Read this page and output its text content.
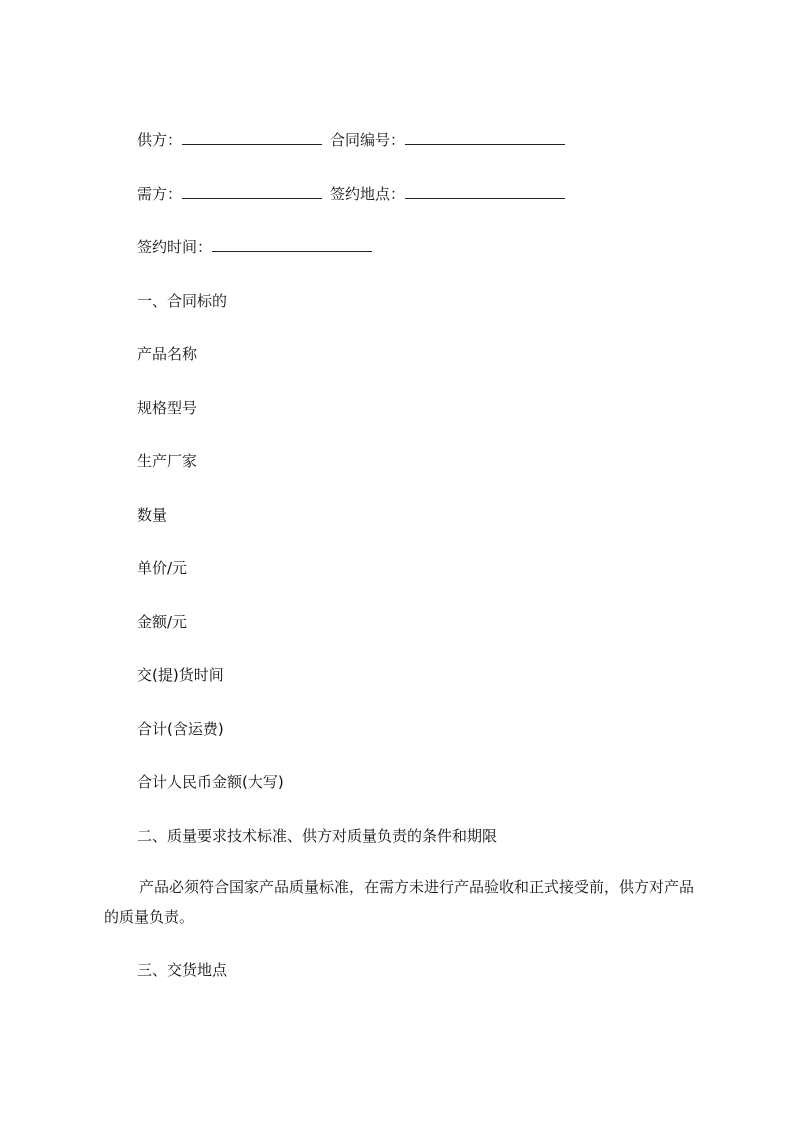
供方：	合同编号：
需方：	签约地点：
签约时间：
一、合同标的
产品名称
规格型号
生产厂家
数量
单价/元
金额/元
交(提)货时间
合计(含运费)
合计人民币金额(大写)
二、质量要求技术标准、供方对质量负责的条件和期限
产品必须符合国家产品质量标准，在需方未进行产品验收和正式接受前，供方对产品的质量负责。
三、交货地点
